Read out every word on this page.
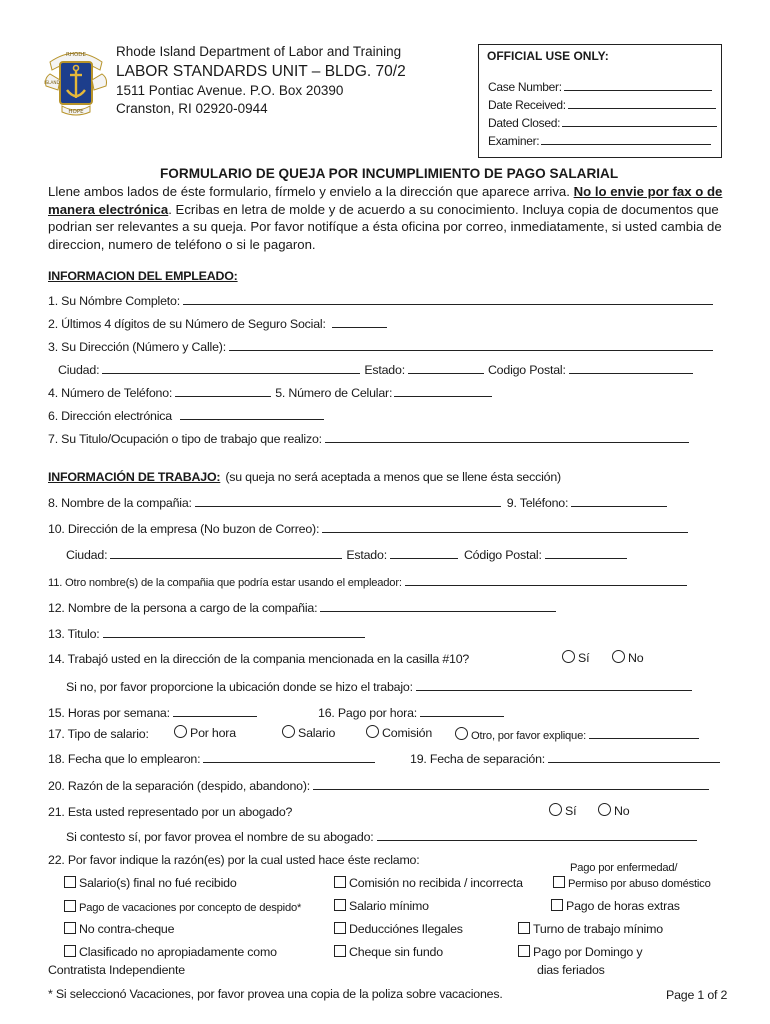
RHODE
HOPE
ISLAND
Rhode Island Department of Labor and Training
LABOR STANDARDS UNIT – BLDG. 70/2
1511 Pontiac Avenue. P.O. Box 20390
Cranston, RI 02920-0944
OFFICIAL USE ONLY:
Case Number:
Date Received:
Dated Closed:
Examiner:
FORMULARIO DE QUEJA POR INCUMPLIMIENTO DE PAGO SALARIAL
Llene ambos lados de éste formulario, fírmelo y envielo a la dirección que aparece arriva. No lo envie por fax o de manera electrónica. Ecribas en letra de molde y de acuerdo a su conocimiento. Incluya copia de documentos que podrian ser relevantes a su queja. Por favor notifíque a ésta oficina por correo, inmediatamente, si usted cambia de direccion, numero de teléfono o si le pagaron.
INFORMACION DEL EMPLEADO:
1. Su Nómbre Completo:
2. Últimos 4 dígitos de su Número de Seguro Social:
3. Su Dirección (Número y Calle):
Ciudad:	Estado:	Codigo Postal:
4. Número de Teléfono:	5. Número de Celular:
6. Dirección electrónica
7. Su Titulo/Ocupación o tipo de trabajo que realizo:
INFORMACIÓN DE TRABAJO: (su queja no será aceptada a menos que se llene ésta sección)
8. Nombre de la compañia:	9. Teléfono:
10. Dirección de la empresa (No buzon de Correo):
Ciudad:	Estado:	Código Postal:
11. Otro nombre(s) de la compañia que podría estar usando el empleador:
12. Nombre de la persona a cargo de la compañia:
13. Titulo:
14. Trabajó usted en la dirección de la compania mencionada en la casilla #10?	Sí	No
Si no, por favor proporcione la ubicación donde se hizo el trabajo:
15. Horas por semana:	16. Pago por hora:
17. Tipo de salario:	Por hora	Salario	Comisión	Otro, por favor explique:
18. Fecha que lo emplearon:	19. Fecha de separación:
20. Razón de la separación (despido, abandono):
21. Esta usted representado por un abogado?	Sí	No
Si contesto sí, por favor provea el nombre de su abogado:
22. Por favor indique la razón(es) por la cual usted hace éste reclamo:
Salario(s) final no fué recibido	Comisión no recibida / incorrecta
Pago por enfermedad/
Permiso por abuso doméstico
Pago de vacaciones por concepto de despido*	Salario mínimo	Pago de horas extras
No contra-cheque	Deducciónes Ilegales	Turno de trabajo mínimo
Clasificado no apropiadamente como
Contratista Independiente
Cheque sin fundo	Pago por Domingo y
dias feriados
* Si seleccionó Vacaciones, por favor provea una copia de la poliza sobre vacaciones.	Page 1 of 2
